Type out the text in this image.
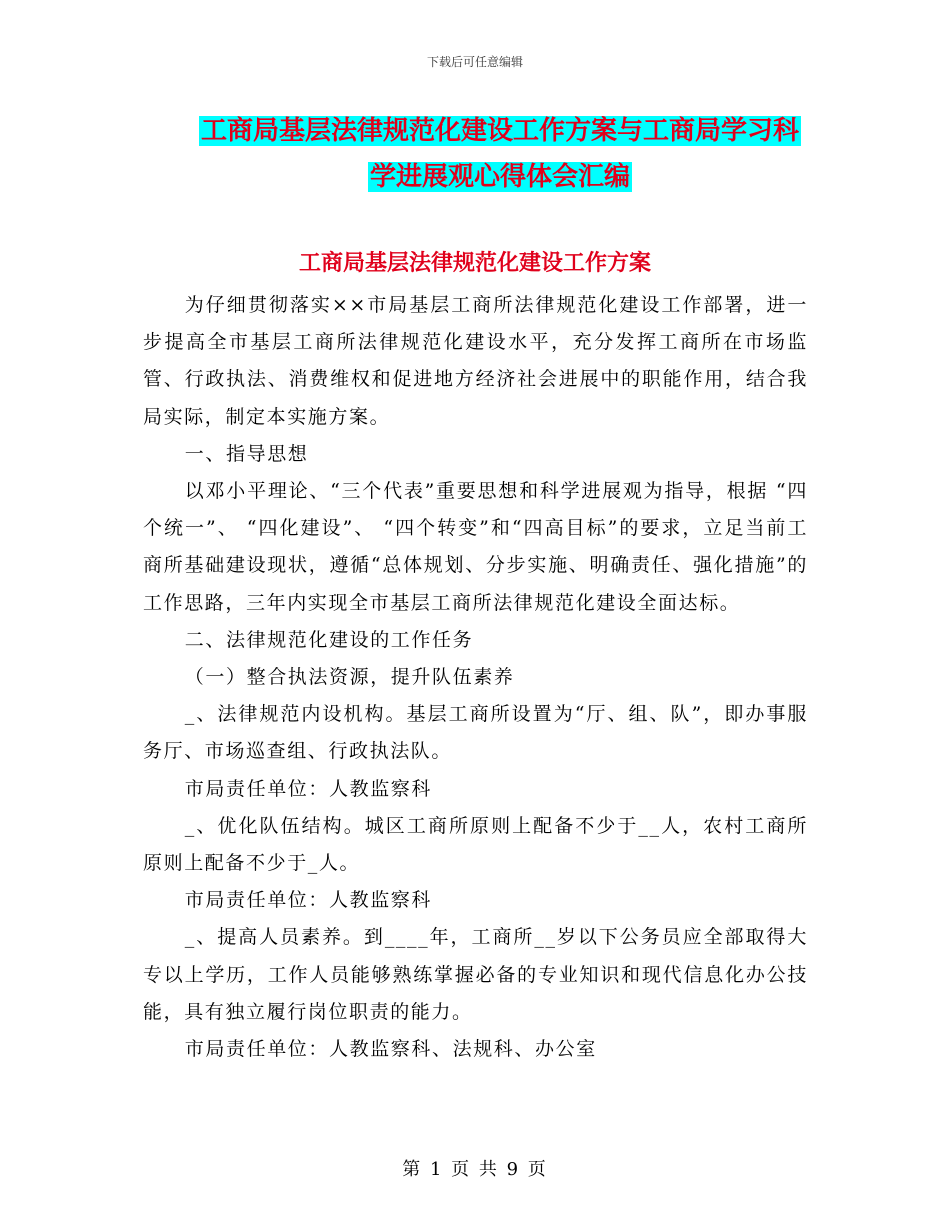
下载后可任意编辑
工商局基层法律规范化建设工作方案与工商局学习科
学进展观心得体会汇编
工商局基层法律规范化建设工作方案

为仔细贯彻落实××市局基层工商所法律规范化建设工作部署，进一步提高全市基层工商所法律规范化建设水平，充分发挥工商所在市场监管、行政执法、消费维权和促进地方经济社会进展中的职能作用，结合我局实际，制定本实施方案。

一、指导思想

以邓小平理论、“三个代表”重要思想和科学进展观为指导，根据 “四个统一”、 “四化建设”、 “四个转变”和“四高目标”的要求，立足当前工商所基础建设现状，遵循“总体规划、分步实施、明确责任、强化措施”的工作思路，三年内实现全市基层工商所法律规范化建设全面达标。

二、法律规范化建设的工作任务

（一）整合执法资源，提升队伍素养

_、法律规范内设机构。基层工商所设置为“厅、组、队”，即办事服务厅、市场巡查组、行政执法队。

市局责任单位：人教监察科

_、优化队伍结构。城区工商所原则上配备不少于__人，农村工商所原则上配备不少于_人。

市局责任单位：人教监察科

_、提高人员素养。到____年，工商所__岁以下公务员应全部取得大专以上学历，工作人员能够熟练掌握必备的专业知识和现代信息化办公技能，具有独立履行岗位职责的能力。

市局责任单位：人教监察科、法规科、办公室

第 1 页 共 9 页
